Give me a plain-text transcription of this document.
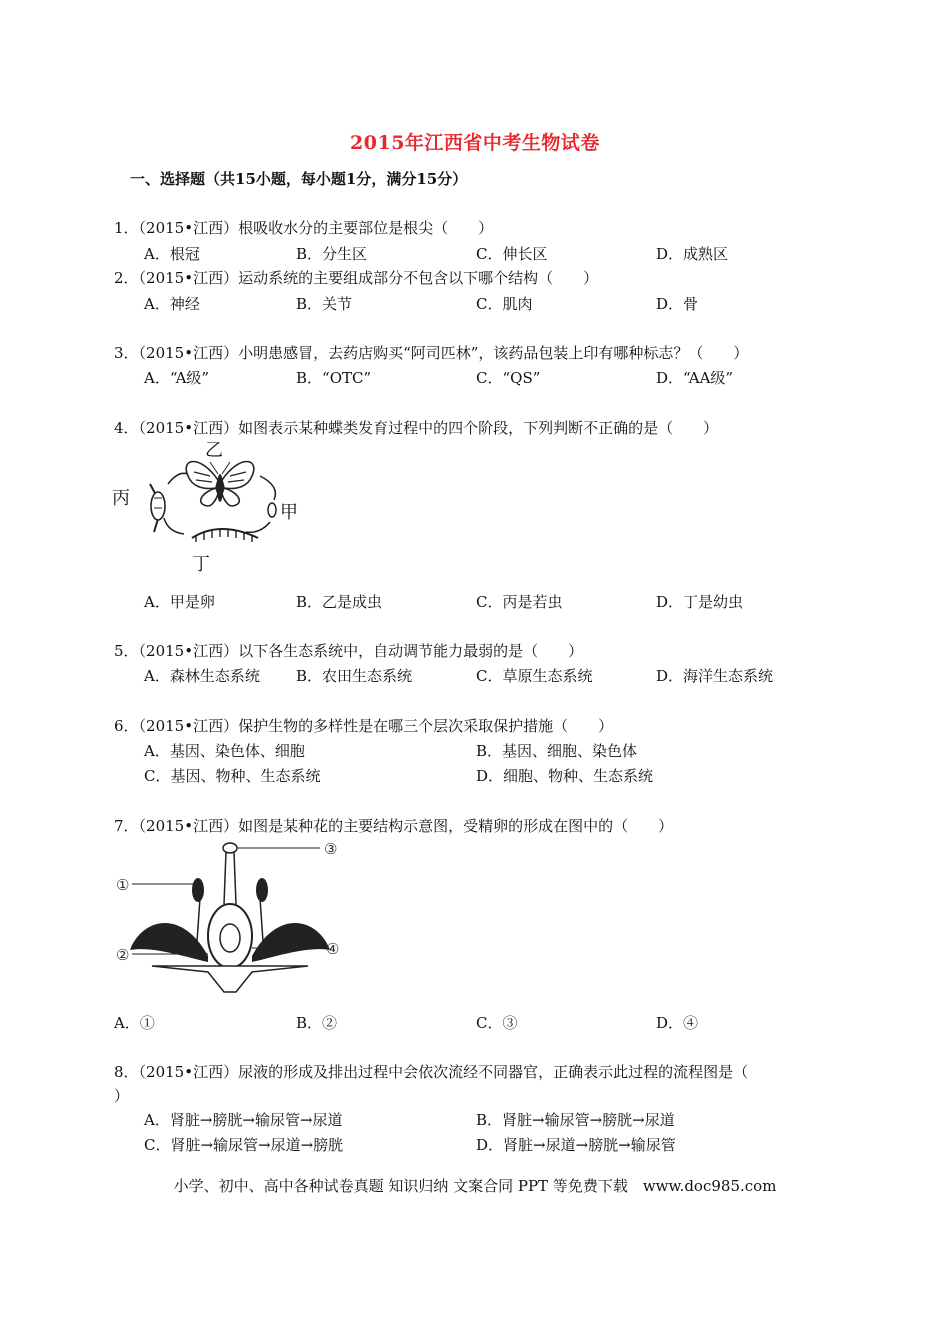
2015年江西省中考生物试卷
一、选择题（共15小题，每小题1分，满分15分）
1．（2015•江西）根吸收水分的主要部位是根尖（　　）
A．根冠	B．分生区	C．伸长区	D．成熟区
2．（2015•江西）运动系统的主要组成部分不包含以下哪个结构（　　）
A．神经	B．关节	C．肌肉	D．骨
3．（2015•江西）小明患感冒，去药店购买“阿司匹林”，该药品包装上印有哪种标志？（　　）
A．“A级”	B．“OTC”	C．“QS”	D．“AA级”
4．（2015•江西）如图表示某种蝶类发育过程中的四个阶段，下列判断不正确的是（　　）
乙
丙
甲
丁
A．甲是卵	B．乙是成虫	C．丙是若虫	D．丁是幼虫
5．（2015•江西）以下各生态系统中，自动调节能力最弱的是（　　）
A．森林生态系统 B．农田生态系统	C．草原生态系统	D．海洋生态系统
6．（2015•江西）保护生物的多样性是在哪三个层次采取保护措施（　　）
A．基因、染色体、细胞	B．基因、细胞、染色体
C．基因、物种、生态系统	D．细胞、物种、生态系统
7．（2015•江西）如图是某种花的主要结构示意图，受精卵的形成在图中的（　　）
③
①
④
②
A．①	B．②	C．③	D．④
8．（2015•江西）尿液的形成及排出过程中会依次流经不同器官，正确表示此过程的流程图是（
）
A．肾脏→膀胱→输尿管→尿道	B．肾脏→输尿管→膀胱→尿道
C．肾脏→输尿管→尿道→膀胱	D．肾脏→尿道→膀胱→输尿管
小学、初中、高中各种试卷真题 知识归纳 文案合同 PPT 等免费下载　www.doc985.com
